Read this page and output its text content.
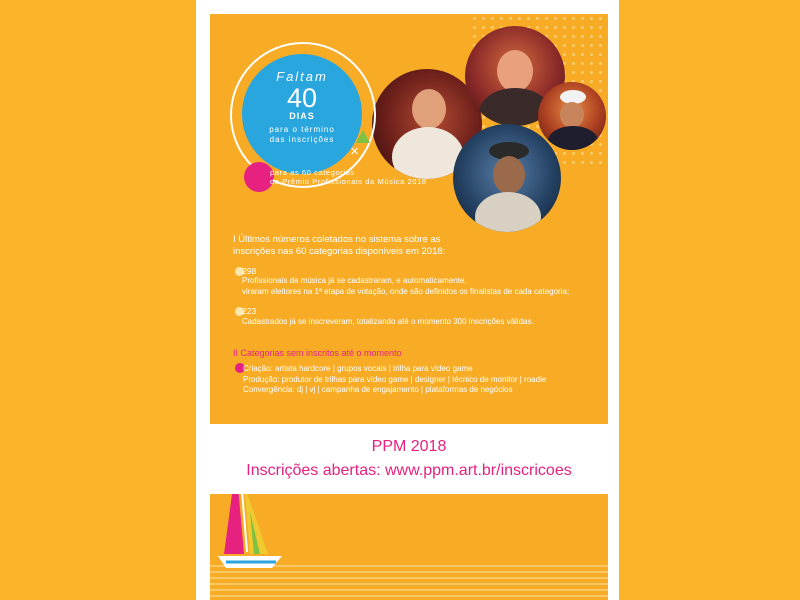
Faltam
40
DIAS
para o término
das inscrições
✕
para as 60 categorias
do Prêmio Profissionais da Música 2018
I Últimos números coletados no sistema sobre as
inscrições nas 60 categorias disponíveis em 2018:
298
Profissionais da música já se cadastraram, e automaticamente,
viraram eleitores na 1ª etapa de votação, onde são definidos os finalistas de cada categoria;
223
Cadastrados já se inscreveram, totalizando até o momento 300 inscrições válidas.
II Categorias sem inscritos até o momento
Criação: artista hardcore | grupos vocais | trilha para vídeo game
Produção: produtor de trilhas para vídeo game | designer | técnico de monitor | roadie
Convergência: dj | vj | campanha de engajamento | plataformas de negócios
PPM 2018
Inscrições abertas: www.ppm.art.br/inscricoes
